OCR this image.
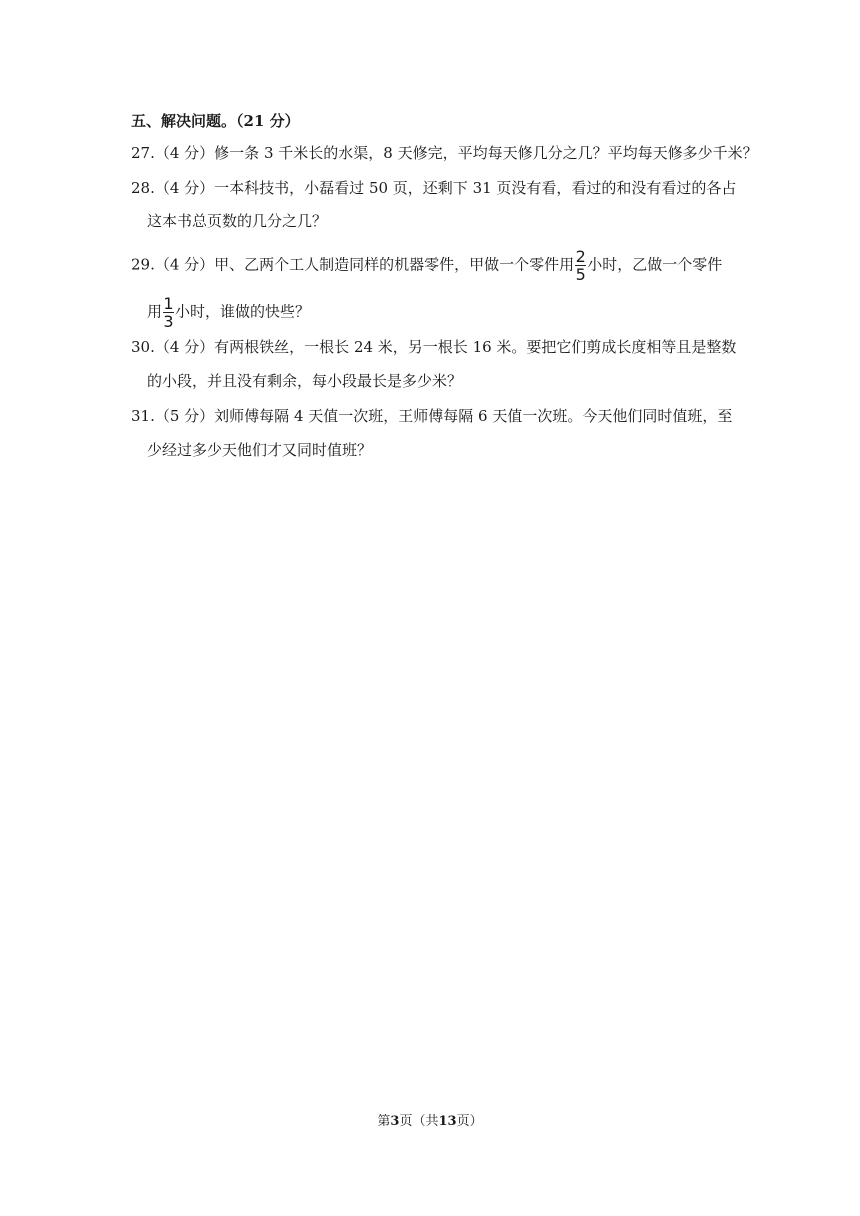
五、解决问题。（21 分）
27.（4 分）修一条 3 千米长的水渠，8 天修完，平均每天修几分之几？平均每天修多少千米？
28.（4 分）一本科技书，小磊看过 50 页，还剩下 31 页没有看，看过的和没有看过的各占
这本书总页数的几分之几？
29.（4 分）甲、乙两个工人制造同样的机器零件，甲做一个零件用 $\frac{2}{5}$ 小时，乙做一个零件
用 $\frac{1}{3}$ 小时，谁做的快些？
30.（4 分）有两根铁丝，一根长 24 米，另一根长 16 米。要把它们剪成长度相等且是整数
的小段，并且没有剩余，每小段最长是多少米？
31.（5 分）刘师傅每隔 4 天值一次班，王师傅每隔 6 天值一次班。今天他们同时值班，至
少经过多少天他们才又同时值班？
第3页（共13页）
